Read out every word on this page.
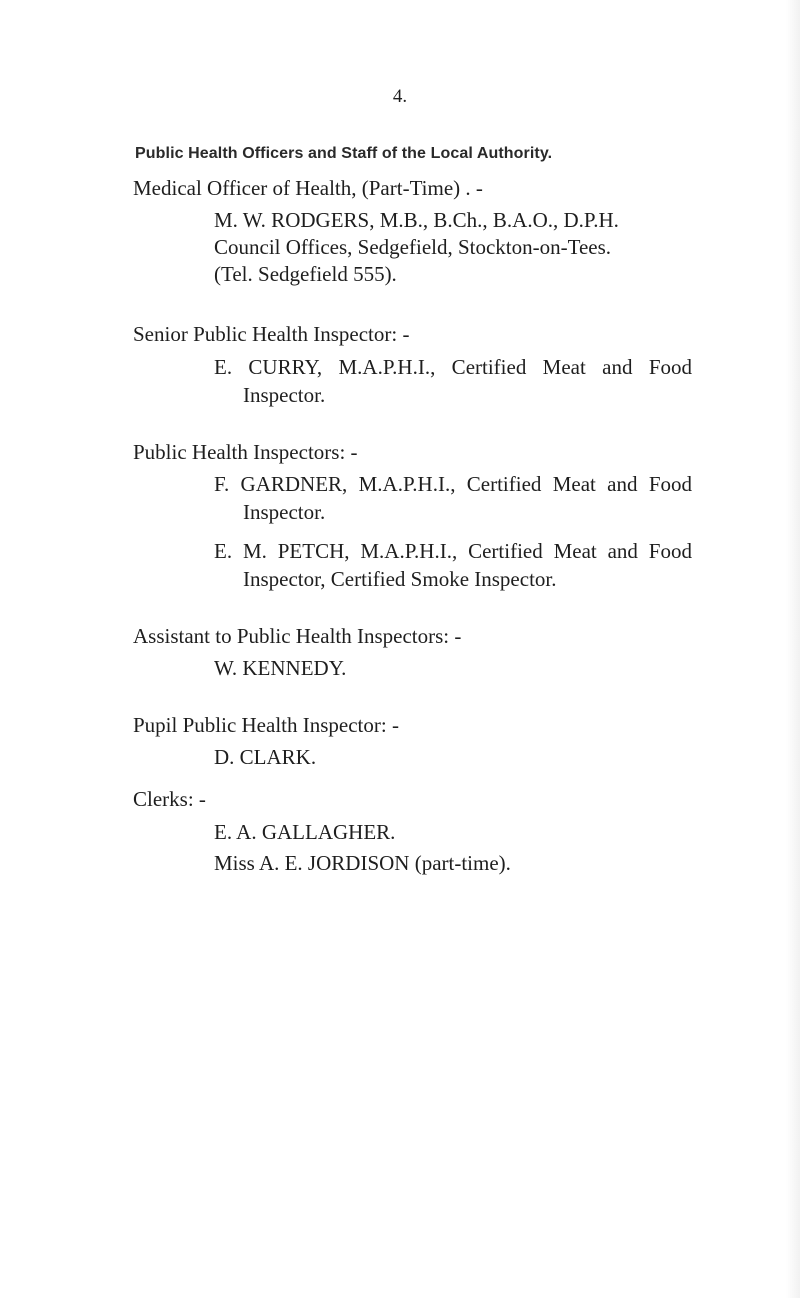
4.
Public Health Officers and Staff of the Local Authority.
Medical Officer of Health, (Part-Time) . -
M. W. RODGERS, M.B., B.Ch., B.A.O., D.P.H.
Council Offices, Sedgefield, Stockton-on-Tees.
(Tel. Sedgefield 555).
Senior Public Health Inspector: -
E. CURRY, M.A.P.H.I., Certified Meat and Food
Inspector.
Public Health Inspectors: -
F. GARDNER, M.A.P.H.I., Certified Meat and Food
Inspector.
E. M. PETCH, M.A.P.H.I., Certified Meat and Food
Inspector, Certified Smoke Inspector.
Assistant to Public Health Inspectors: -
W. KENNEDY.
Pupil Public Health Inspector: -
D. CLARK.
Clerks: -
E. A. GALLAGHER.
Miss A. E. JORDISON (part-time).
